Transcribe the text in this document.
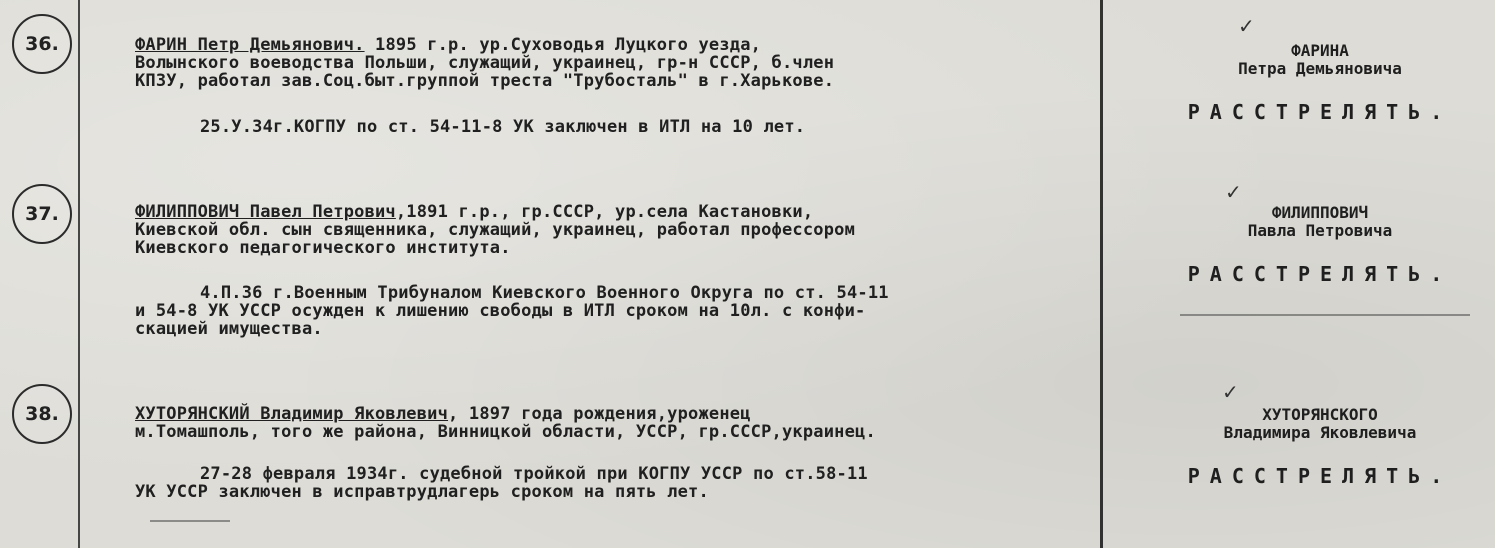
36.	ФАРИН Петр Демьянович. 1895 г.р. ур.Суховодья Луцкого уезда,
Волынского воеводства Польши, служащий, украинец, гр-н СССР, б.член
КПЗУ, работал зав.Соц.быт.группой треста "Трубосталь" в г.Харькове.
25.У.34г.КОГПУ по ст. 54-11-8 УК заключен в ИТЛ на 10 лет.
✓
ФАРИНА
Петра Демьяновича
РАССТРЕЛЯТЬ.
37.	ФИЛИППОВИЧ Павел Петрович,1891 г.р., гр.СССР, ур.села Кастановки,
Киевской обл. сын священника, служащий, украинец, работал профессором
Киевского педагогического института.
4.П.36 г.Военным Трибуналом Киевского Военного Округа по ст. 54-11
и 54-8 УК УССР осужден к лишению свободы в ИТЛ сроком на 10л. с конфи-
скацией имущества.
✓
ФИЛИППОВИЧ
Павла Петровича
РАССТРЕЛЯТЬ.
38.	ХУТОРЯНСКИЙ Владимир Яковлевич, 1897 года рождения,уроженец
м.Томашполь, того же района, Винницкой области, УССР, гр.СССР,украинец.
27-28 февраля 1934г. судебной тройкой при КОГПУ УССР по ст.58-11
УК УССР заключен в исправтрудлагерь сроком на пять лет.
✓
ХУТОРЯНСКОГО
Владимира Яковлевича
РАССТРЕЛЯТЬ.
